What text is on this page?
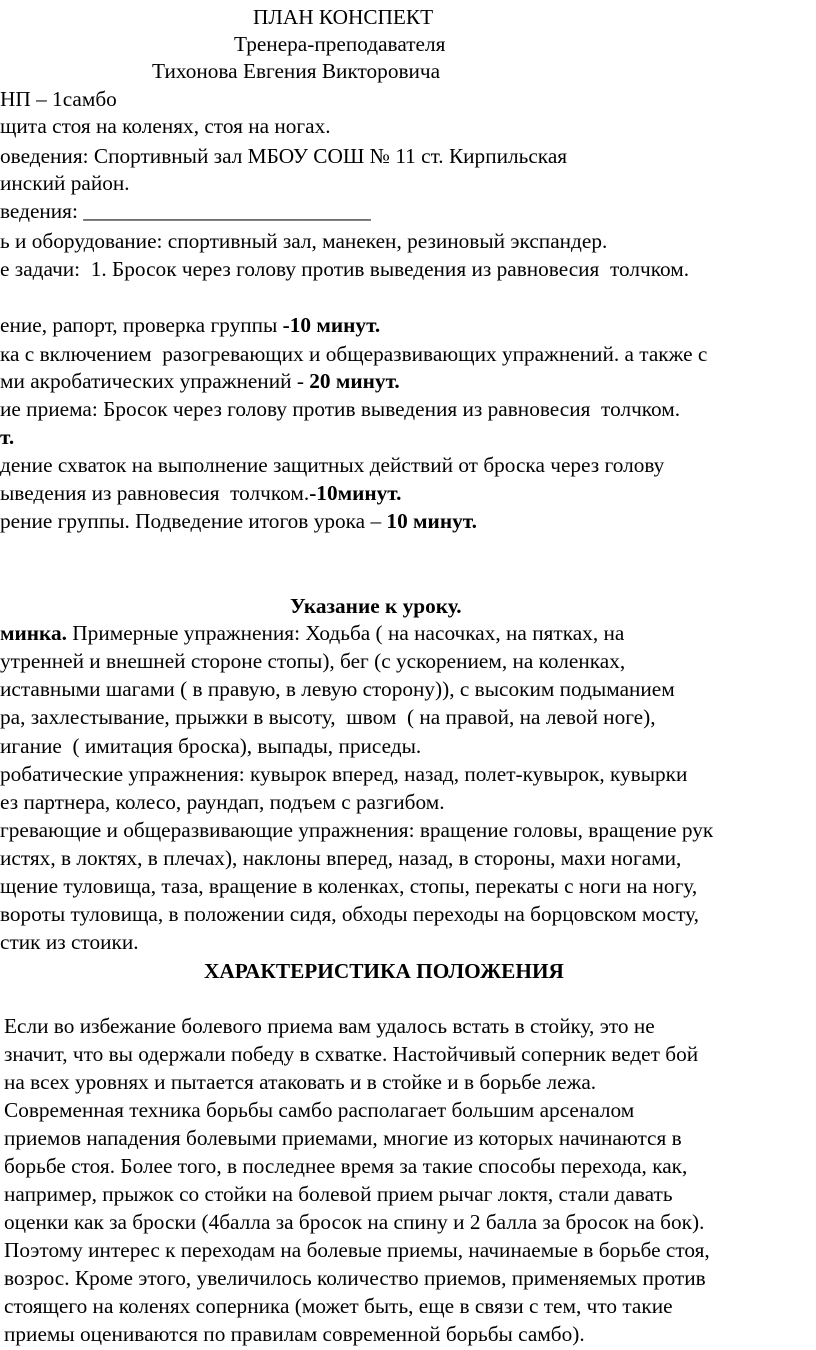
ПЛАН КОНСПЕКТ
Тренера-преподавателя
Тихонова Евгения Викторовича
НП – 1самбо
щита стоя на коленях, стоя на ногах.
оведения: Спортивный зал МБОУ СОШ № 11 ст. Кирпильская
инский район.
ведения: ___________________________
ь и оборудование: спортивный зал, манекен, резиновый экспандер.
е задачи:  1. Бросок через голову против выведения из равновесия  толчком.
ение, рапорт, проверка группы -10 минут.
ка с включением  разогревающих и общеразвивающих упражнений. а также с
ми акробатических упражнений - 20 минут.
ие приема: Бросок через голову против выведения из равновесия  толчком.
т.
дение схваток на выполнение защитных действий от броска через голову
ыведения из равновесия  толчком.-10минут.
рение группы. Подведение итогов урока – 10 минут.
Указание к уроку.
минка. Примерные упражнения: Ходьба ( на насочках, на пятках, на
утренней и внешней стороне стопы), бег (с ускорением, на коленках,
иставными шагами ( в правую, в левую сторону)), с высоким подыманием
ра, захлестывание, прыжки в высоту,  швом  ( на правой, на левой ноге),
игание  ( имитация броска), выпады, приседы.
робатические упражнения: кувырок вперед, назад, полет-кувырок, кувырки
ез партнера, колесо, раундап, подъем с разгибом.
гревающие и общеразвивающие упражнения: вращение головы, вращение рук
истях, в локтях, в плечах), наклоны вперед, назад, в стороны, махи ногами,
щение туловища, таза, вращение в коленках, стопы, перекаты с ноги на ногу,
вороты туловища, в положении сидя, обходы переходы на борцовском мосту,
стик из стоики.
ХАРАКТЕРИСТИКА ПОЛОЖЕНИЯ
Если во избежание болевого приема вам удалось встать в стойку, это не
значит, что вы одержали победу в схватке. Настойчивый соперник ведет бой
на всех уровнях и пытается атаковать и в стойке и в борьбе лежа.
Современная техника борьбы самбо располагает большим арсеналом
приемов нападения болевыми приемами, многие из которых начинаются в
борьбе стоя. Более того, в последнее время за такие способы перехода, как,
например, прыжок со стойки на болевой прием рычаг локтя, стали давать
оценки как за броски (4балла за бросок на спину и 2 балла за бросок на бок).
Поэтому интерес к переходам на болевые приемы, начинаемые в борьбе стоя,
возрос. Кроме этого, увеличилось количество приемов, применяемых против
стоящего на коленях соперника (может быть, еще в связи с тем, что такие
приемы оцениваются по правилам современной борьбы самбо).
